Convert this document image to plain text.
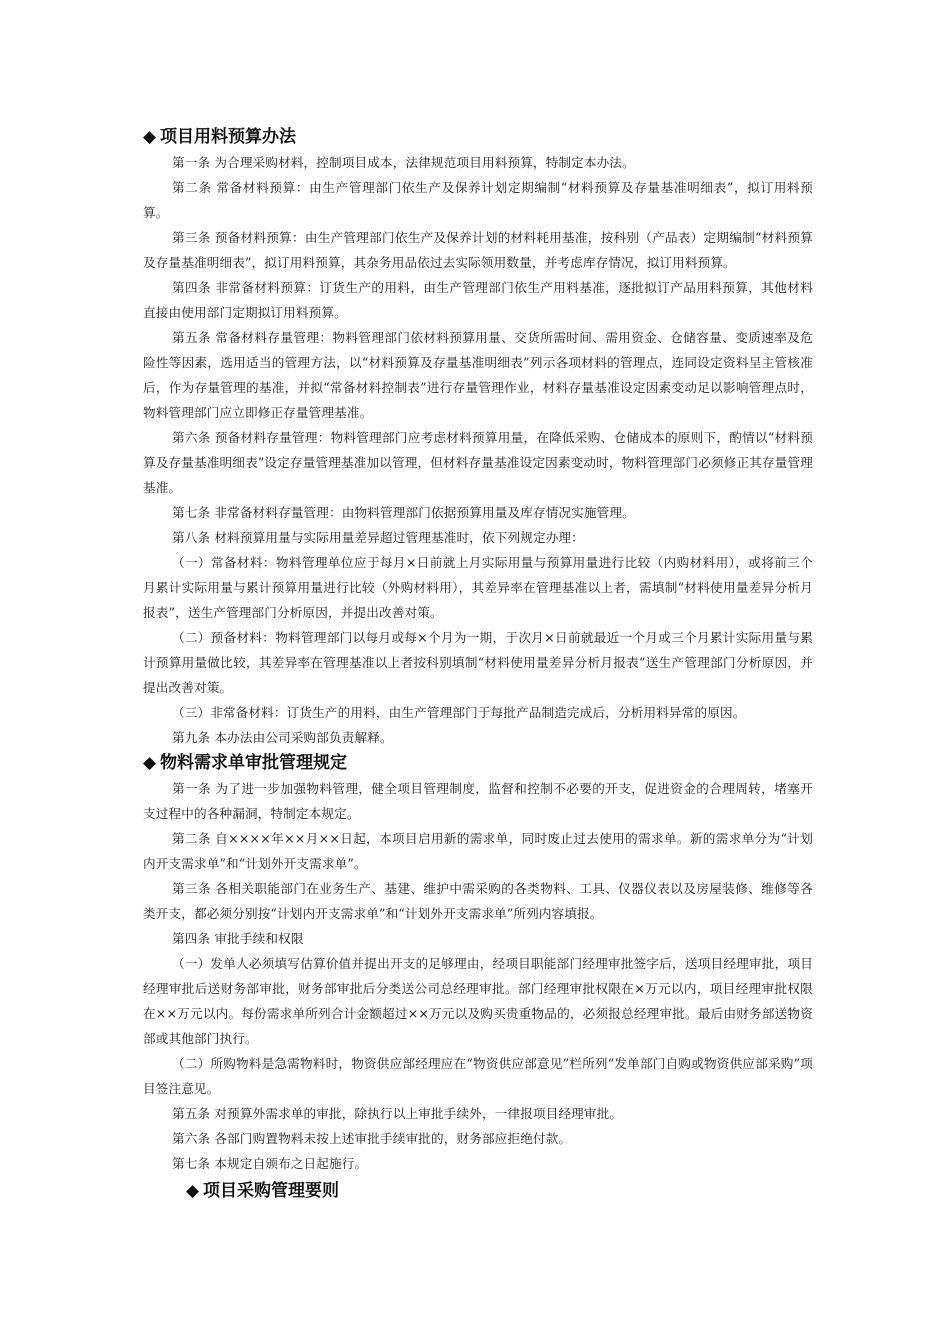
◆ 项目用料预算办法

第一条 为合理采购材料，控制项目成本，法律规范项目用料预算，特制定本办法。

第二条 常备材料预算：由生产管理部门依生产及保养计划定期编制“材料预算及存量基准明细表”，拟订用料预算。

第三条 预备材料预算：由生产管理部门依生产及保养计划的材料耗用基准，按科别（产品表）定期编制“材料预算及存量基准明细表”，拟订用料预算，其杂务用品依过去实际领用数量，并考虑库存情况，拟订用料预算。

第四条 非常备材料预算：订货生产的用料，由生产管理部门依生产用料基准，逐批拟订产品用料预算，其他材料直接由使用部门定期拟订用料预算。

第五条 常备材料存量管理：物料管理部门依材料预算用量、交货所需时间、需用资金、仓储容量、变质速率及危险性等因素，选用适当的管理方法，以“材料预算及存量基准明细表”列示各项材料的管理点，连同设定资料呈主管核准后，作为存量管理的基准，并拟“常备材料控制表”进行存量管理作业，材料存量基准设定因素变动足以影响管理点时，物料管理部门应立即修正存量管理基准。

第六条 预备材料存量管理：物料管理部门应考虑材料预算用量，在降低采购、仓储成本的原则下，酌情以“材料预算及存量基准明细表”设定存量管理基准加以管理，但材料存量基准设定因素变动时，物料管理部门必须修正其存量管理基准。

第七条 非常备材料存量管理：由物料管理部门依据预算用量及库存情况实施管理。

第八条 材料预算用量与实际用量差异超过管理基准时，依下列规定办理：

（一）常备材料：物料管理单位应于每月×日前就上月实际用量与预算用量进行比较（内购材料用），或将前三个月累计实际用量与累计预算用量进行比较（外购材料用），其差异率在管理基准以上者，需填制“材料使用量差异分析月报表”，送生产管理部门分析原因，并提出改善对策。

（二）预备材料：物料管理部门以每月或每×个月为一期，于次月×日前就最近一个月或三个月累计实际用量与累计预算用量做比较，其差异率在管理基准以上者按科别填制“材料使用量差异分析月报表”送生产管理部门分析原因，并提出改善对策。

（三）非常备材料：订货生产的用料，由生产管理部门于每批产品制造完成后，分析用料异常的原因。

第九条 本办法由公司采购部负责解释。

◆ 物料需求单审批管理规定

第一条 为了进一步加强物料管理，健全项目管理制度，监督和控制不必要的开支，促进资金的合理周转，堵塞开支过程中的各种漏洞，特制定本规定。

第二条 自××××年××月××日起，本项目启用新的需求单，同时废止过去使用的需求单。新的需求单分为“计划内开支需求单”和“计划外开支需求单”。

第三条 各相关职能部门在业务生产、基建、维护中需采购的各类物料、工具、仪器仪表以及房屋装修、维修等各类开支，都必须分别按“计划内开支需求单”和“计划外开支需求单”所列内容填报。

第四条 审批手续和权限

（一）发单人必须填写估算价值并提出开支的足够理由，经项目职能部门经理审批签字后，送项目经理审批，项目经理审批后送财务部审批，财务部审批后分类送公司总经理审批。部门经理审批权限在×万元以内，项目经理审批权限在××万元以内。每份需求单所列合计金额超过××万元以及购买贵重物品的，必须报总经理审批。最后由财务部送物资部或其他部门执行。

（二）所购物料是急需物料时，物资供应部经理应在“物资供应部意见”栏所列“发单部门自购或物资供应部采购”项目签注意见。

第五条 对预算外需求单的审批，除执行以上审批手续外，一律报项目经理审批。

第六条 各部门购置物料未按上述审批手续审批的，财务部应拒绝付款。

第七条 本规定自颁布之日起施行。

◆ 项目采购管理要则
